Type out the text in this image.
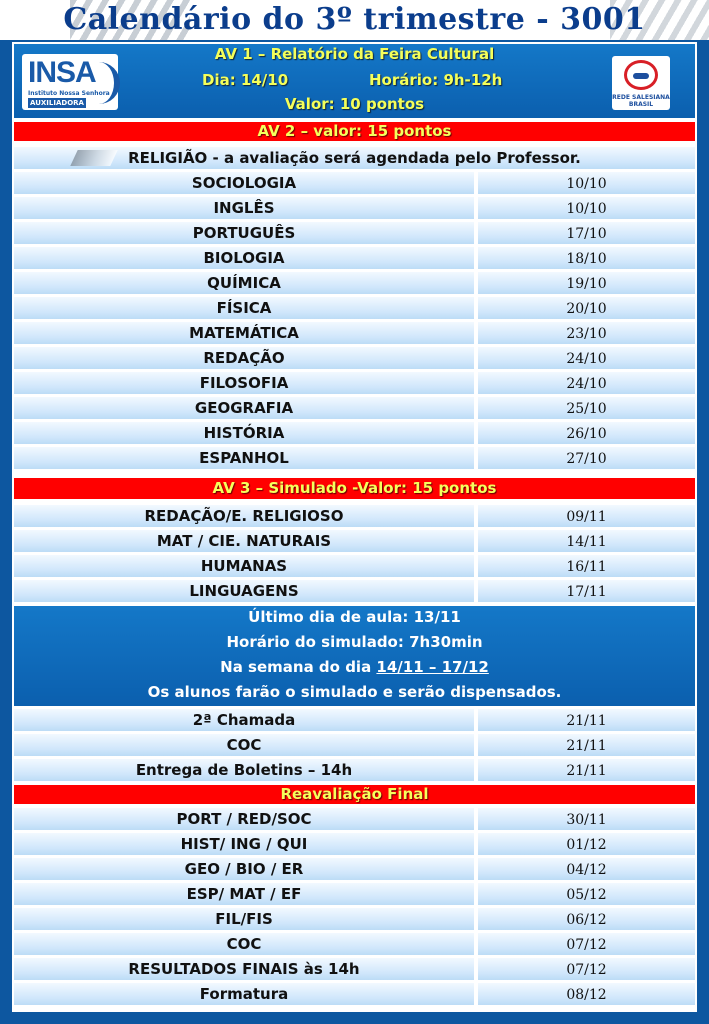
Calendário do 3º trimestre - 3001
AV 1 – Relatório da Feira Cultural
Dia: 14/10	Horário: 9h-12h
Valor: 10 pontos
INSA
Instituto Nossa Senhora
AUXILIADORA
REDE SALESIANA BRASIL
AV 2 – valor: 15 pontos
RELIGIÃO - a avaliação será agendada pelo Professor.
SOCIOLOGIA	10/10
INGLÊS	10/10
PORTUGUÊS	17/10
BIOLOGIA	18/10
QUÍMICA	19/10
FÍSICA	20/10
MATEMÁTICA	23/10
REDAÇÃO	24/10
FILOSOFIA	24/10
GEOGRAFIA	25/10
HISTÓRIA	26/10
ESPANHOL	27/10
AV 3 – Simulado -Valor: 15 pontos
REDAÇÃO/E. RELIGIOSO	09/11
MAT / CIE. NATURAIS	14/11
HUMANAS	16/11
LINGUAGENS	17/11
Último dia de aula: 13/11
Horário do simulado: 7h30min
Na semana do dia 14/11 – 17/12
Os alunos farão o simulado e serão dispensados.
2ª Chamada	21/11
COC	21/11
Entrega de Boletins – 14h	21/11
Reavaliação Final
PORT / RED/SOC	30/11
HIST/ ING / QUI	01/12
GEO / BIO / ER	04/12
ESP/ MAT / EF	05/12
FIL/FIS	06/12
COC	07/12
RESULTADOS FINAIS às 14h	07/12
Formatura	08/12
